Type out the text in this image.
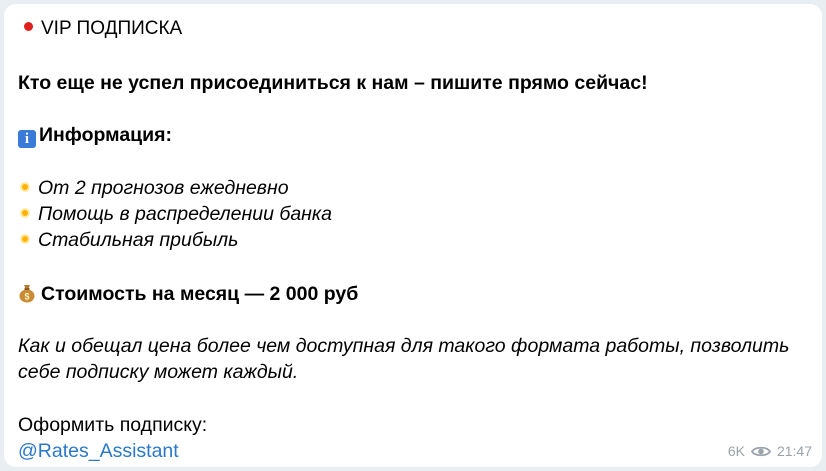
VIP ПОДПИСКА
Кто еще не успел присоединиться к нам – пишите прямо сейчас!
i Информация:
От 2 прогнозов ежедневно
Помощь в распределении банка
Стабильная прибыль
$ Стоимость на месяц — 2 000 руб
Как и обещал цена более чем доступная для такого формата работы, позволить
себе подписку может каждый.
Оформить подписку:
@Rates_Assistant	6K 21:47
